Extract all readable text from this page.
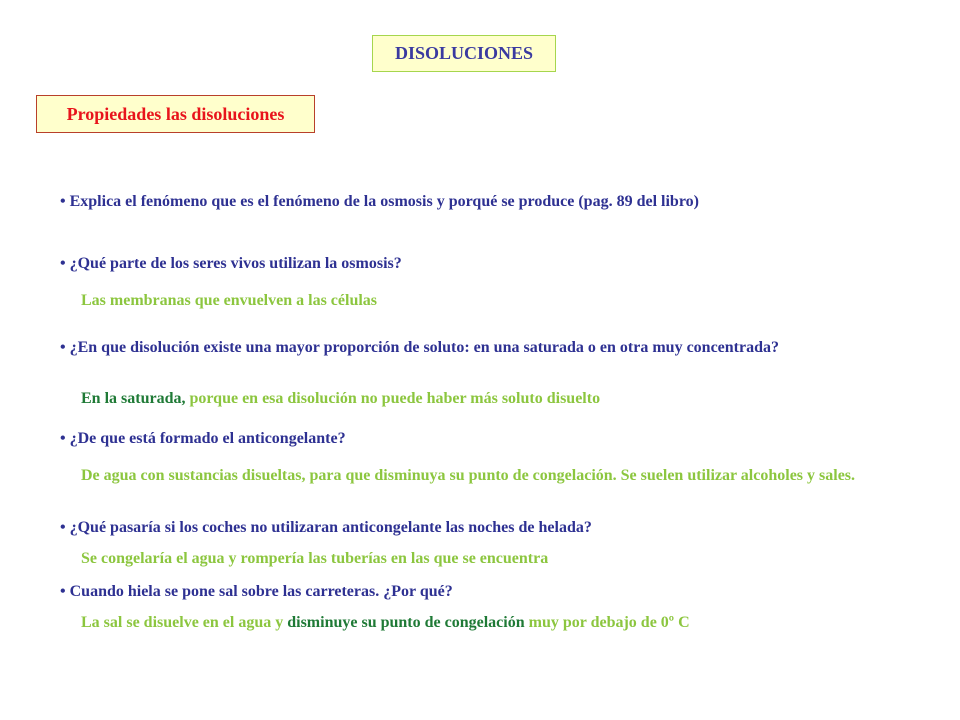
DISOLUCIONES
Propiedades las disoluciones
• Explica el fenómeno que es el fenómeno de la osmosis y porqué se produce (pag. 89 del libro)
• ¿Qué parte de los seres vivos utilizan la osmosis?
Las membranas que envuelven a las células
• ¿En que disolución existe una mayor proporción de soluto: en una saturada o en otra muy concentrada?
En la saturada, porque en esa disolución no puede haber más soluto disuelto
• ¿De que está formado el anticongelante?
De agua con sustancias disueltas, para que disminuya su punto de congelación. Se suelen utilizar alcoholes y sales.
• ¿Qué pasaría si los coches no utilizaran anticongelante las noches de helada?
Se congelaría el agua y rompería las tuberías en las que se encuentra
• Cuando hiela se pone sal sobre las carreteras. ¿Por qué?
La sal se disuelve en el agua y disminuye su punto de congelación muy por debajo de 0º C
